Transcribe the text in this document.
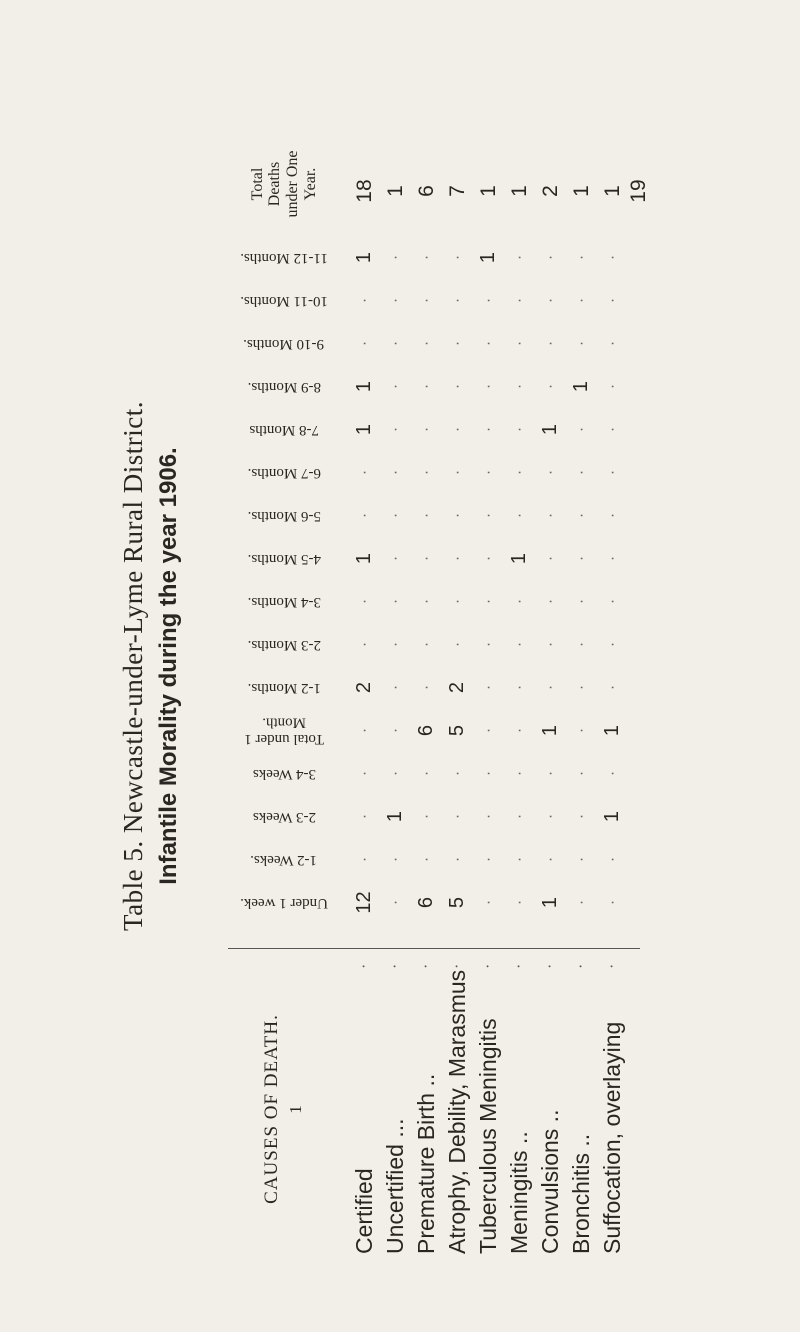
Table 5. Newcastle-under-Lyme Rural District. Infantile Morality during the year 1906.
CAUSES OF DEATH. 1
Under 1 week.
1-2 Weeks.
2-3 Weeks
3-4 Weeks
Total under 1 Month.
1-2 Months.
2-3 Months.
3-4 Months.
4-5 Months.
5-6 Months.
6-7 Months.
7-8 Months
8-9 Months.
9-10 Months.
10-11 Months.
11-12 Months.
Total Deaths under One Year.
Certified
·
12
·
·
·
·
2
·
·
1
·
·
1
1
·
·
1
18
Uncertified ...
·
·
·
1
·
·
·
·
·
·
·
·
·
·
·
·
·
1
Premature Birth ..
·
6
·
·
·
6
·
·
·
·
·
·
·
·
·
·
·
6
Atrophy, Debility, Marasmus
·
5
·
·
·
5
2
·
·
·
·
·
·
·
·
·
·
7
Tuberculous Meningitis
·
·
·
·
·
·
·
·
·
·
·
·
·
·
·
·
1
1
Meningitis ..
·
·
·
·
·
·
·
·
·
1
·
·
·
·
·
·
·
1
Convulsions ..
·
1
·
·
·
1
·
·
·
·
·
·
1
·
·
·
·
2
Bronchitis ..
·
·
·
·
·
·
·
·
·
·
·
·
·
1
·
·
·
1
Suffocation, overlaying
·
·
·
1
·
1
·
·
·
·
·
·
·
·
·
·
·
1 19
